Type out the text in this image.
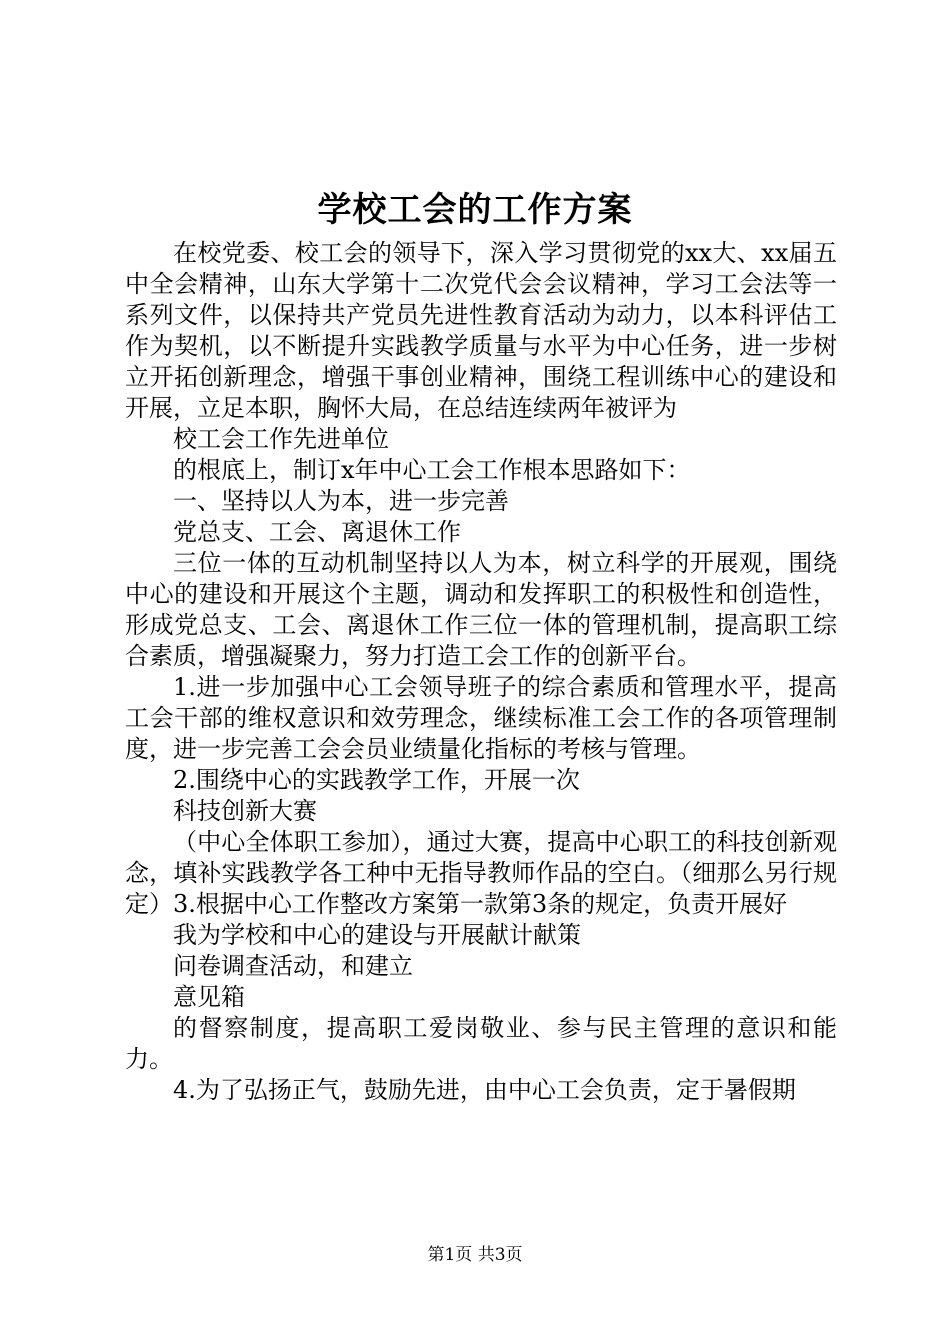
学校工会的工作方案

在校党委、校工会的领导下，深入学习贯彻党的xx大、xx届五中全会精神，山东大学第十二次党代会会议精神，学习工会法等一系列文件，以保持共产党员先进性教育活动为动力，以本科评估工作为契机，以不断提升实践教学质量与水平为中心任务，进一步树立开拓创新理念，增强干事创业精神，围绕工程训练中心的建设和开展，立足本职，胸怀大局，在总结连续两年被评为

校工会工作先进单位

的根底上，制订x年中心工会工作根本思路如下：

一、坚持以人为本，进一步完善

党总支、工会、离退休工作

三位一体的互动机制坚持以人为本，树立科学的开展观，围绕中心的建设和开展这个主题，调动和发挥职工的积极性和创造性，形成党总支、工会、离退休工作三位一体的管理机制，提高职工综合素质，增强凝聚力，努力打造工会工作的创新平台。

1.进一步加强中心工会领导班子的综合素质和管理水平，提高工会干部的维权意识和效劳理念，继续标准工会工作的各项管理制度，进一步完善工会会员业绩量化指标的考核与管理。

2.围绕中心的实践教学工作，开展一次

科技创新大赛

（中心全体职工参加），通过大赛，提高中心职工的科技创新观念，填补实践教学各工种中无指导教师作品的空白。（细那么另行规定）3.根据中心工作整改方案第一款第3条的规定，负责开展好

我为学校和中心的建设与开展献计献策

问卷调查活动，和建立

意见箱

的督察制度，提高职工爱岗敬业、参与民主管理的意识和能力。

4.为了弘扬正气，鼓励先进，由中心工会负责，定于暑假期

第1页 共3页
